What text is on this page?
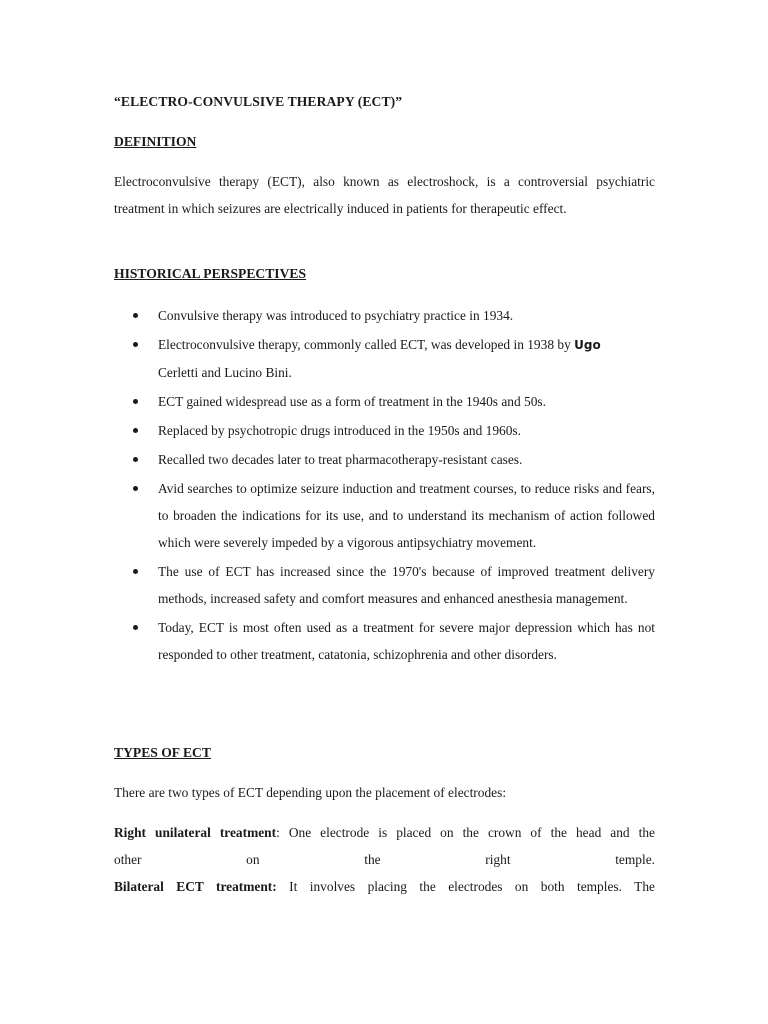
“ELECTRO-CONVULSIVE THERAPY (ECT)”
DEFINITION

Electroconvulsive therapy (ECT), also known as electroshock, is a controversial psychiatric treatment in which seizures are electrically induced in patients for therapeutic effect.

HISTORICAL PERSPECTIVES
Convulsive therapy was introduced to psychiatry practice in 1934.
Electroconvulsive therapy, commonly called ECT, was developed in 1938 by Ugo
Cerletti and Lucino Bini.
ECT gained widespread use as a form of treatment in the 1940s and 50s.
Replaced by psychotropic drugs introduced in the 1950s and 1960s.
Recalled two decades later to treat pharmacotherapy-resistant cases.
Avid searches to optimize seizure induction and treatment courses, to reduce risks and fears, to broaden the indications for its use, and to understand its mechanism of action followed which were severely impeded by a vigorous antipsychiatry movement.
The use of ECT has increased since the 1970's because of improved treatment delivery methods, increased safety and comfort measures and enhanced anesthesia management.
Today, ECT is most often used as a treatment for severe major depression which has not responded to other treatment, catatonia, schizophrenia and other disorders.
TYPES OF ECT
There are two types of ECT depending upon the placement of electrodes:
Right unilateral treatment: One electrode is placed on the crown of the head and the
other on the right temple.
Bilateral ECT treatment: It involves placing the electrodes on both temples. The
